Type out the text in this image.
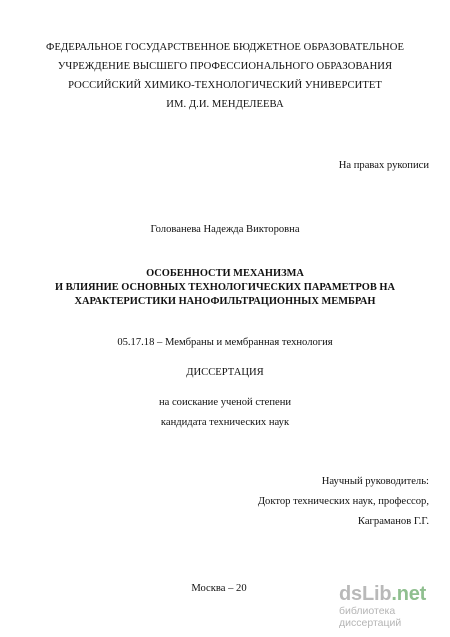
ФЕДЕРАЛЬНОЕ ГОСУДАРСТВЕННОЕ БЮДЖЕТНОЕ ОБРАЗОВАТЕЛЬНОЕ
УЧРЕЖДЕНИЕ ВЫСШЕГО ПРОФЕССИОНАЛЬНОГО ОБРАЗОВАНИЯ
РОССИЙСКИЙ ХИМИКО-ТЕХНОЛОГИЧЕСКИЙ УНИВЕРСИТЕТ
ИМ. Д.И. МЕНДЕЛЕЕВА
На правах рукописи
Голованева Надежда Викторовна
ОСОБЕННОСТИ МЕХАНИЗМА
И ВЛИЯНИЕ ОСНОВНЫХ ТЕХНОЛОГИЧЕСКИХ ПАРАМЕТРОВ НА
ХАРАКТЕРИСТИКИ НАНОФИЛЬТРАЦИОННЫХ МЕМБРАН
05.17.18 – Мембраны и мембранная технология
ДИССЕРТАЦИЯ
на соискание ученой степени
кандидата технических наук
Научный руководитель:
Доктор технических наук, профессор,
Каграманов Г.Г.
Москва – 20	dsLib.net
библиотека диссертаций
